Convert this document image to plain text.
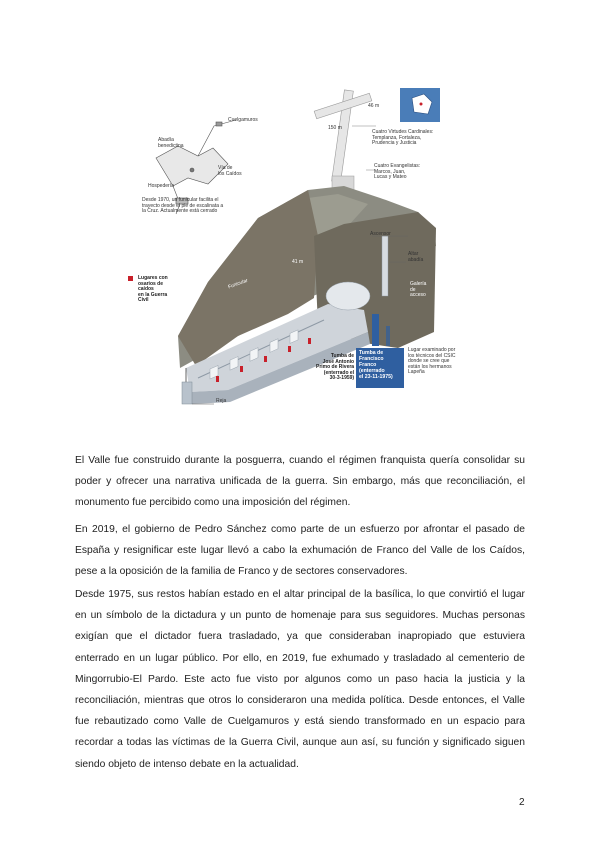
Cuelgamuros
Abadía
benedictina
Vía de
los Caídos
Hospedería
Desde 1970, un funicular facilita el
trayecto desde el pie de escalinata a
la Cruz. Actualmente está cerrado
46 m
150 m
Cuatro Virtudes Cardinales:
Templanza, Fortaleza,
Prudencia y Justicia
Cuatro Evangelistas:
Marcos, Juan,
Lucas y Mateo
Ascensor
Altar
abadía
41 m
Funicular	Galería
de
acceso
Lugares con
osarios de
caídos
en la Guerra
Civil
Tumba de
José Antonio
Primo de Rivera
(enterrado el
30-3-1959)
Tumba de
Francisco
Franco
(enterrado
el 23-11-1975)
Lugar examinado por
los técnicos del CSIC
donde se cree que
están los hermanos
Lapeña
Reja

El Valle fue construido durante la posguerra, cuando el régimen franquista quería consolidar su poder y ofrecer una narrativa unificada de la guerra. Sin embargo, más que reconciliación, el monumento fue percibido como una imposición del régimen.

En 2019, el gobierno de Pedro Sánchez como parte de un esfuerzo por afrontar el pasado de España y resignificar este lugar llevó a cabo la exhumación de Franco del Valle de los Caídos, pese a la oposición de la familia de Franco y de sectores conservadores.

Desde 1975, sus restos habían estado en el altar principal de la basílica, lo que convirtió el lugar en un símbolo de la dictadura y un punto de homenaje para sus seguidores. Muchas personas exigían que el dictador fuera trasladado, ya que consideraban inapropiado que estuviera enterrado en un lugar público. Por ello, en 2019, fue exhumado y trasladado al cementerio de Mingorrubio-El Pardo. Este acto fue visto por algunos como un paso hacia la justicia y la reconciliación, mientras que otros lo consideraron una medida política. Desde entonces, el Valle fue rebautizado como Valle de Cuelgamuros y está siendo transformado en un espacio para recordar a todas las víctimas de la Guerra Civil, aunque aun así, su función y significado siguen siendo objeto de intenso debate en la actualidad.

2
